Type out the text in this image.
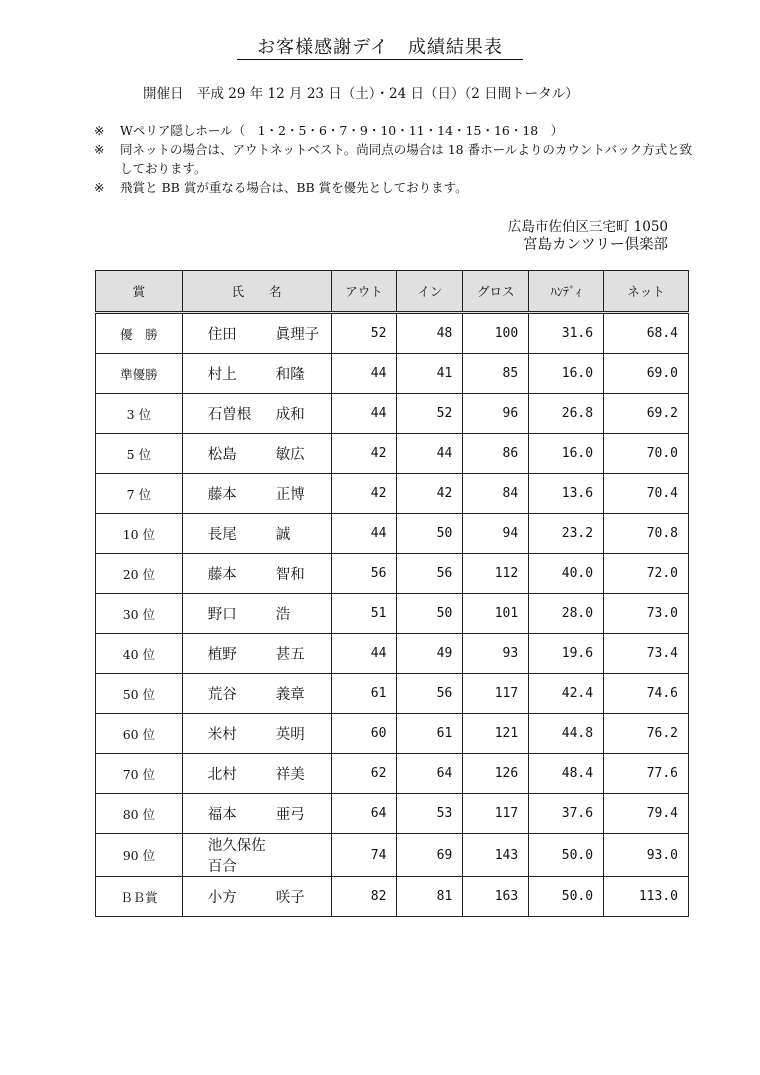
お客様感謝デイ　成績結果表
開催日　平成 29 年 12 月 23 日（土）・24 日（日）（2 日間トータル）
※ Wペリア隠しホール（　1・2・5・6・7・9・10・11・14・15・16・18　）
※ 同ネットの場合は、アウトネットベスト。尚同点の場合は 18 番ホールよりのカウントバック方式と致しております。
※ 飛賞と BB 賞が重なる場合は、BB 賞を優先としております。
広島市佐伯区三宅町 1050
宮島カンツリー倶楽部
賞	氏　　名	アウト	イン	グロス	ﾊﾝﾃﾞｨ	ネット
優　勝	住田 眞理子	52	48	100	31.6	68.4
準優勝	村上 和隆	44	41	85	16.0	69.0
3 位	石曽根 成和	44	52	96	26.8	69.2
5 位	松島 敏広	42	44	86	16.0	70.0
7 位	藤本 正博	42	42	84	13.6	70.4
10 位	長尾 誠	44	50	94	23.2	70.8
20 位	藤本 智和	56	56	112	40.0	72.0
30 位	野口 浩	51	50	101	28.0	73.0
40 位	植野 甚五	44	49	93	19.6	73.4
50 位	荒谷 義章	61	56	117	42.4	74.6
60 位	米村 英明	60	61	121	44.8	76.2
70 位	北村 祥美	62	64	126	48.4	77.6
80 位	福本 亜弓	64	53	117	37.6	79.4
90 位	池久保佐百合	74	69	143	50.0	93.0
ＢＢ賞	小方 咲子	82	81	163	50.0	113.0
